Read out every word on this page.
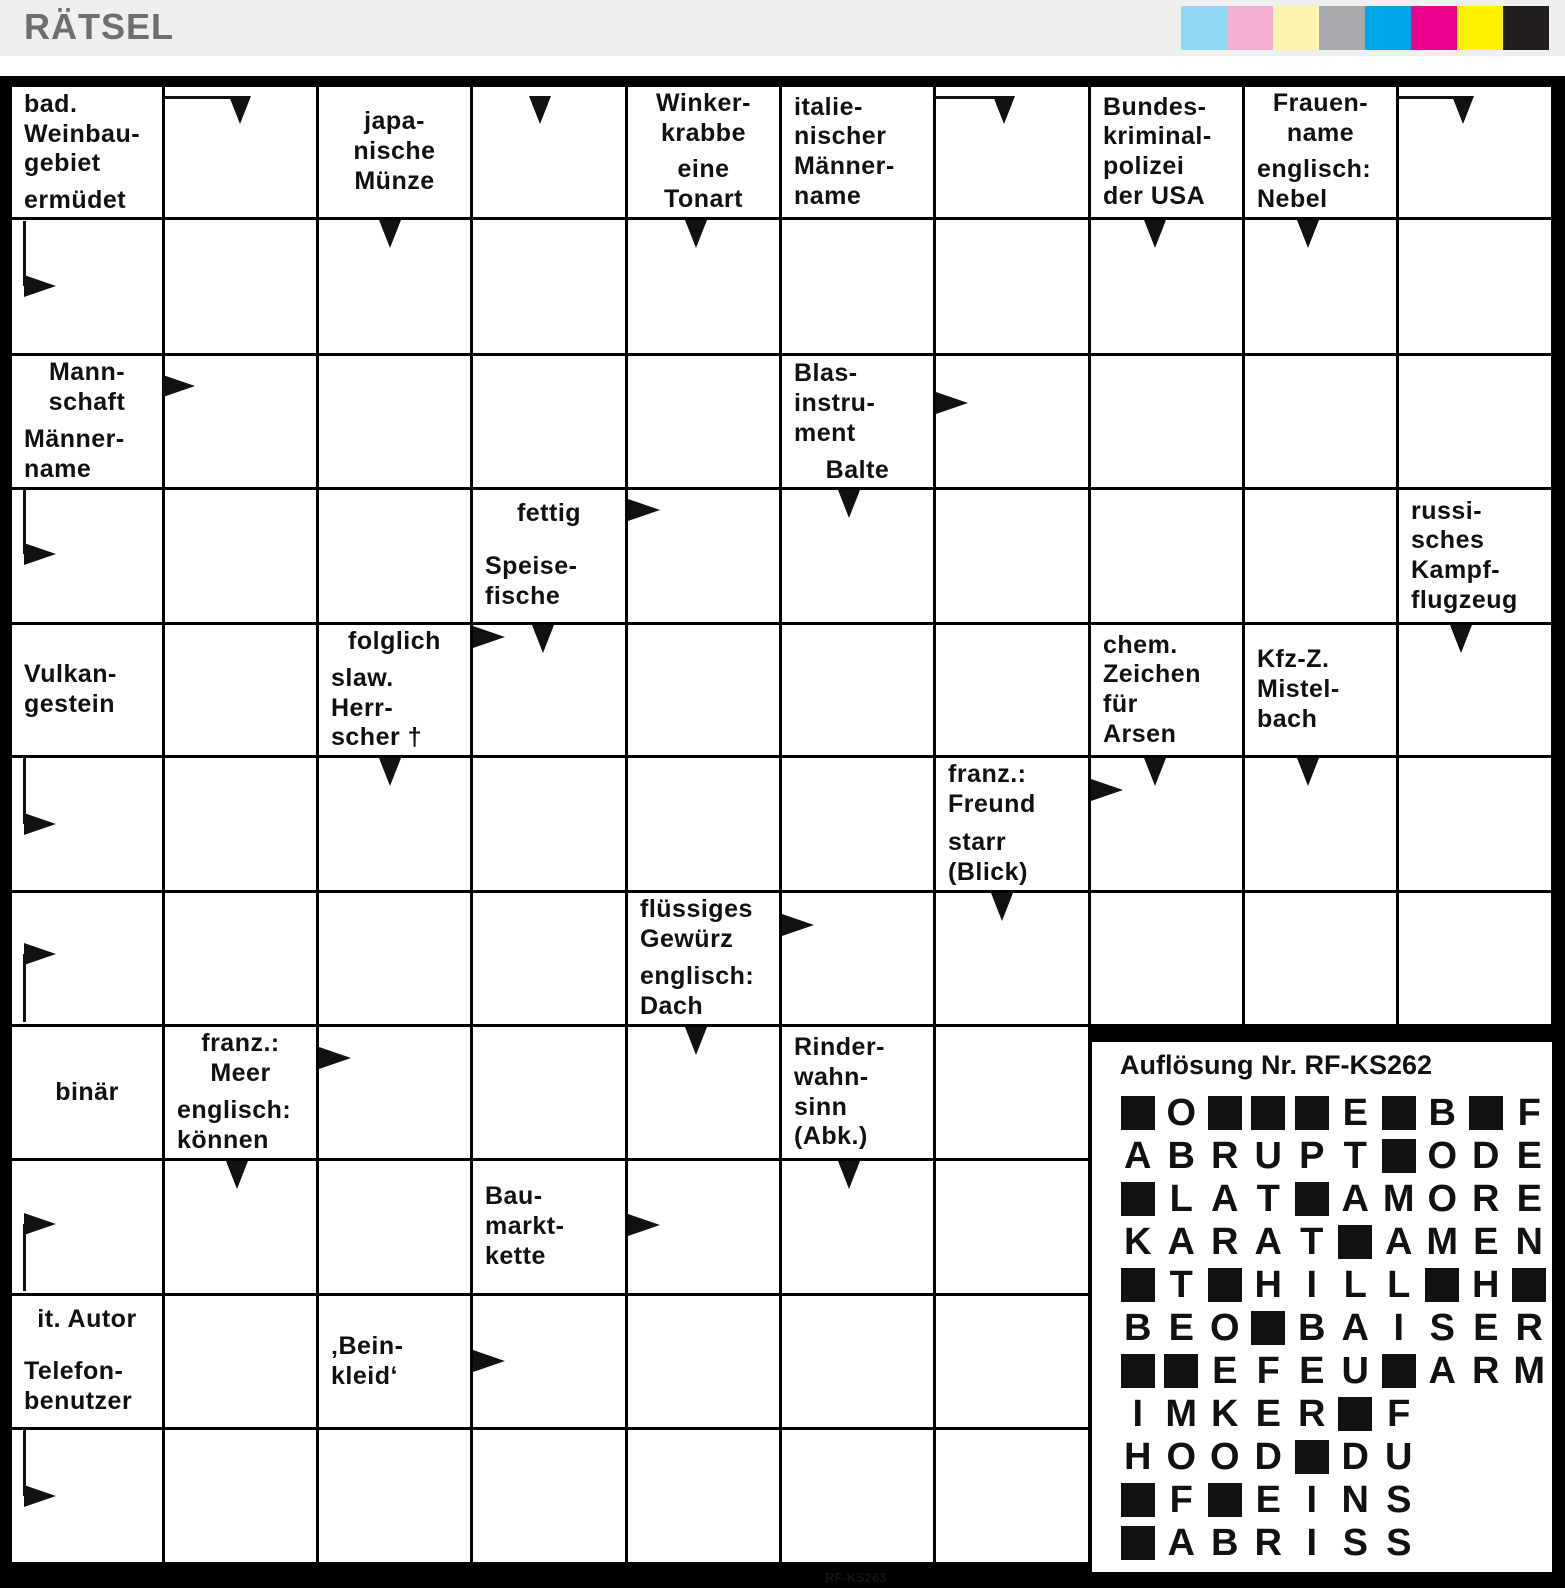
RÄTSEL
bad.
Weinbau-
gebiet
ermüdet
japa-
nische
Münze
Winker-
krabbe
eine
Tonart
italie-
nischer
Männer-
name
Bundes-
kriminal-
polizei
der USA
Frauen-
name
englisch:
Nebel
Mann-
schaft
Männer-
name
Blas-
instru-
ment
Balte
fettig
Speise-
fische
russi-
sches
Kampf-
flugzeug
Vulkan-
gestein
folglich
slaw.
Herr-
scher †
chem.
Zeichen
für
Arsen
Kfz-Z.
Mistel-
bach
franz.:
Freund
starr
(Blick)
flüssiges
Gewürz
englisch:
Dach
binär
franz.:
Meer
englisch:
können
Rinder-
wahn-
sinn
(Abk.)
Bau-
markt-
kette
it. Autor
Telefon-
benutzer
‚Bein-
kleid‘
Auflösung Nr. RF-KS262
O	E B F
A B R U P T O D E
L A T A M O R E
K A R A T A M E N
T H I L L H
B E O B A I S E R
E F E U A R M
I M K E R F
H O O D D U
F E I N S
A B R I S S
RF-KS263
